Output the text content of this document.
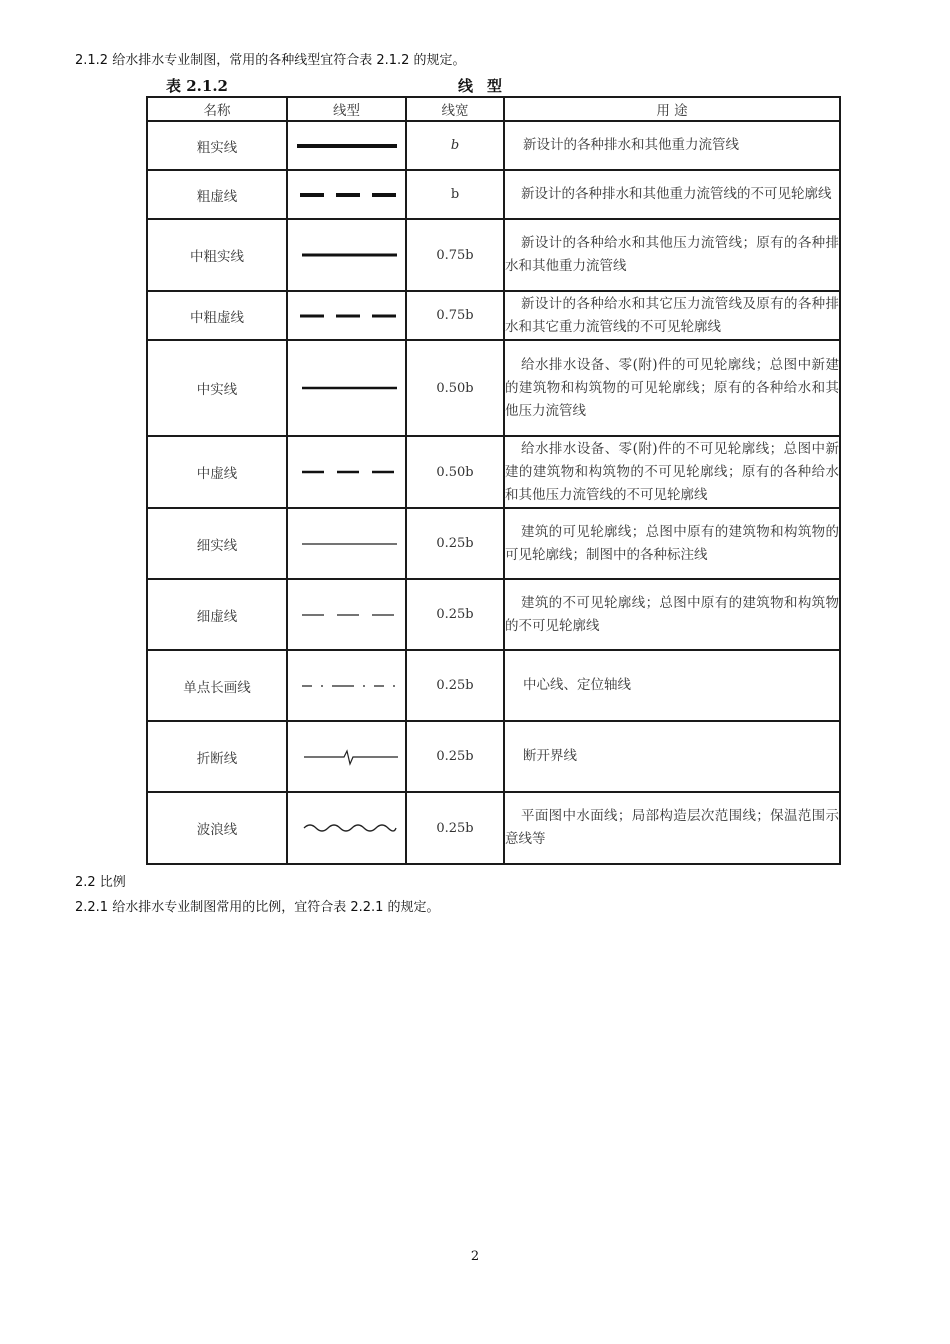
2.1.2 给水排水专业制图，常用的各种线型宜符合表 2.1.2 的规定。
表 2.1.2	线型
名称	线型	线宽	用 途
粗实线		b	新设计的各种排水和其他重力流管线
粗虚线		b	新设计的各种排水和其他重力流管线的不可见轮廓线
中粗实线		0.75b	新设计的各种给水和其他压力流管线；原有的各种排水和其他重力流管线
中粗虚线		0.75b	新设计的各种给水和其它压力流管线及原有的各种排水和其它重力流管线的不可见轮廓线
中实线		0.50b	给水排水设备、零(附)件的可见轮廓线；总图中新建的建筑物和构筑物的可见轮廓线；原有的各种给水和其他压力流管线
中虚线		0.50b	给水排水设备、零(附)件的不可见轮廓线；总图中新建的建筑物和构筑物的不可见轮廓线；原有的各种给水和其他压力流管线的不可见轮廓线
细实线		0.25b	建筑的可见轮廓线；总图中原有的建筑物和构筑物的可见轮廓线；制图中的各种标注线
细虚线		0.25b	建筑的不可见轮廓线；总图中原有的建筑物和构筑物的不可见轮廓线
单点长画线		0.25b	中心线、定位轴线
折断线		0.25b	断开界线
波浪线		0.25b	平面图中水面线；局部构造层次范围线；保温范围示意线等
2.2 比例
2.2.1 给水排水专业制图常用的比例，宜符合表 2.2.1 的规定。
2
